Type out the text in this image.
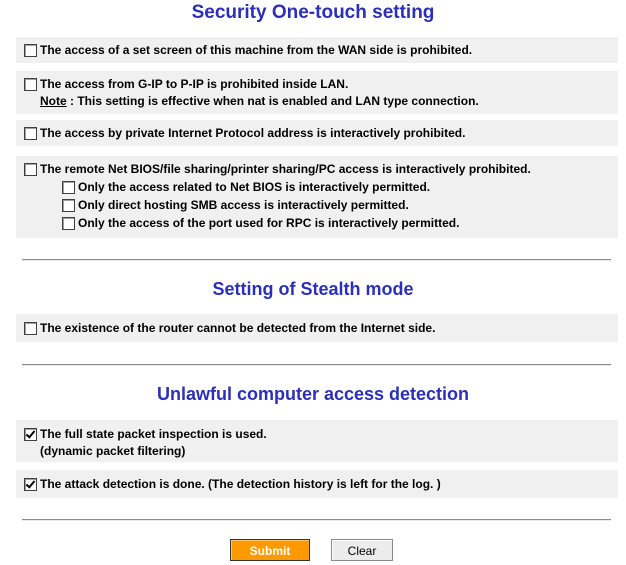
Security One-touch setting
The access of a set screen of this machine from the WAN side is prohibited.
The access from G-IP to P-IP is prohibited inside LAN.
Note : This setting is effective when nat is enabled and LAN type connection.
The access by private Internet Protocol address is interactively prohibited.
The remote Net BIOS/file sharing/printer sharing/PC access is interactively prohibited.
Only the access related to Net BIOS is interactively permitted.
Only direct hosting SMB access is interactively permitted.
Only the access of the port used for RPC is interactively permitted.
Setting of Stealth mode
The existence of the router cannot be detected from the Internet side.
Unlawful computer access detection
The full state packet inspection is used.
(dynamic packet filtering)
The attack detection is done. (The detection history is left for the log. )
Submit	Clear
